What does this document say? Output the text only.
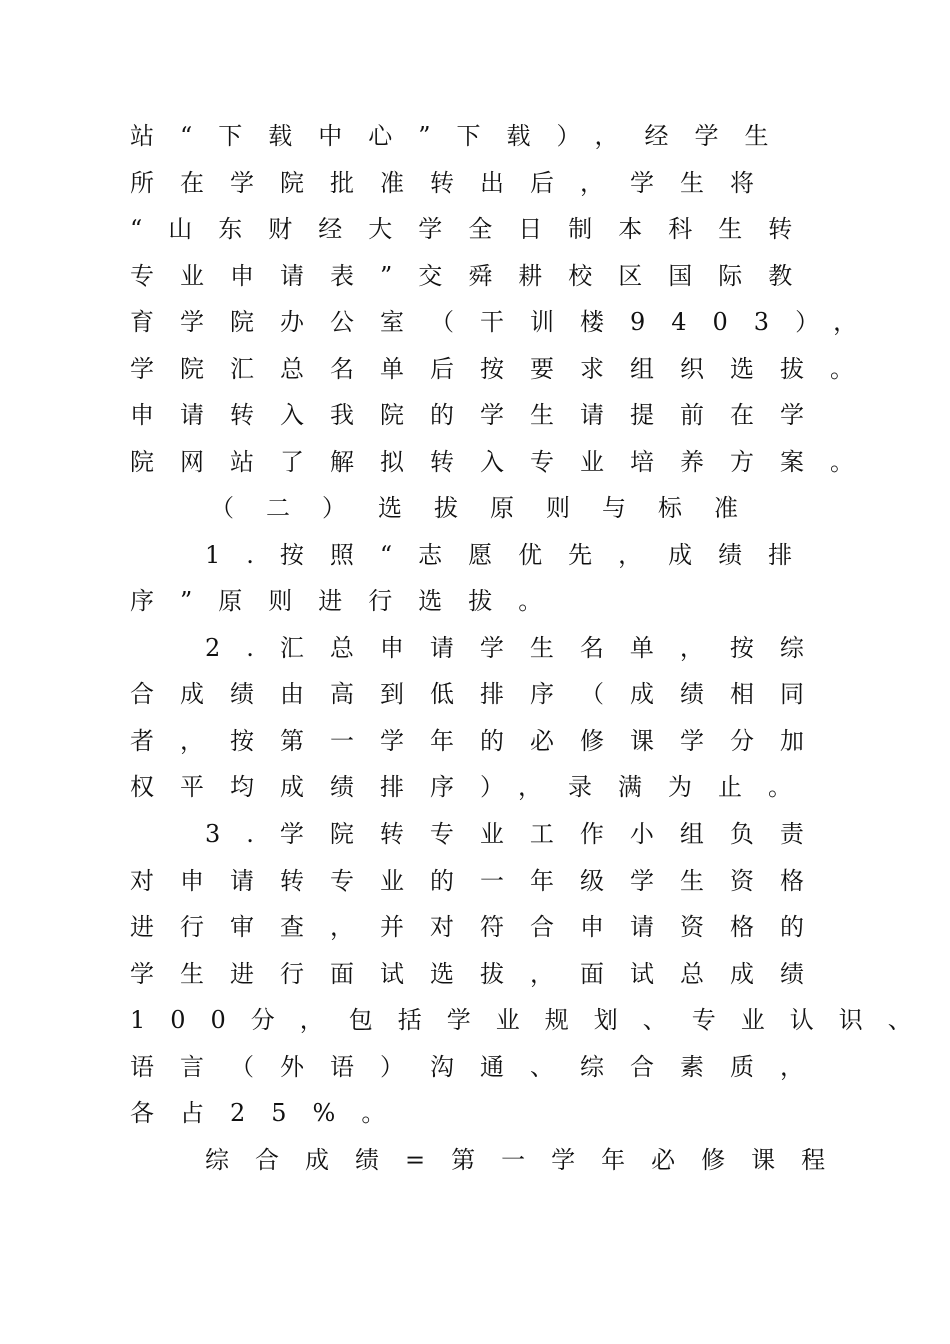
站“下载中心”下载），经学生
所在学院批准转出后，学生将
“山东财经大学全日制本科生转
专业申请表”交舜耕校区国际教
育学院办公室（干训楼9403），
学院汇总名单后按要求组织选拔。
申请转入我院的学生请提前在学
院网站了解拟转入专业培养方案。
（二）选拔原则与标准
1.按照“志愿优先，成绩排
序”原则进行选拔。
2.汇总申请学生名单，按综
合成绩由高到低排序（成绩相同
者，按第一学年的必修课学分加
权平均成绩排序），录满为止。
3.学院转专业工作小组负责
对申请转专业的一年级学生资格
进行审查，并对符合申请资格的
学生进行面试选拔，面试总成绩
100分，包括学业规划、专业认识、
语言（外语）沟通、综合素质，
各占25%。
综合成绩=第一学年必修课程
